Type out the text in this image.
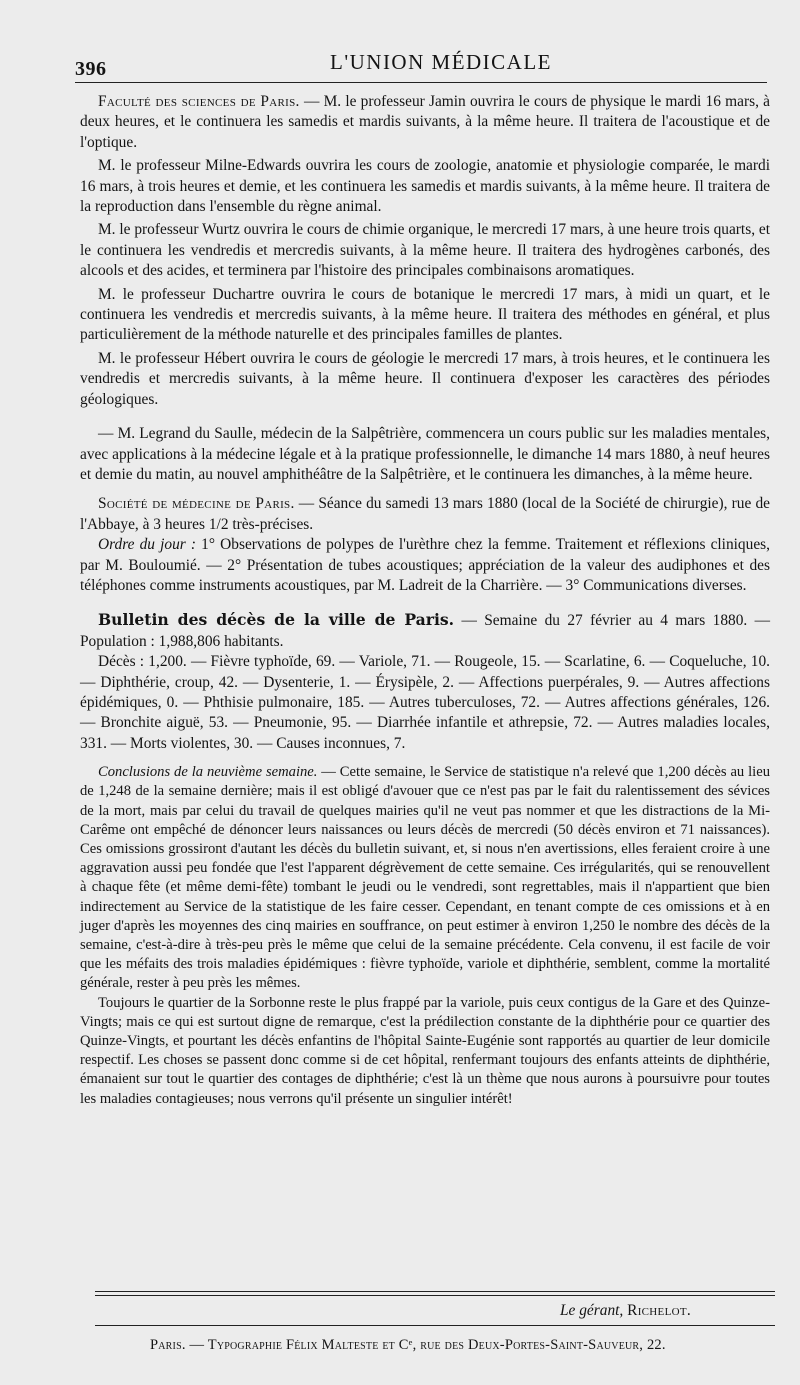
396	L'UNION MÉDICALE

Faculté des sciences de Paris. — M. le professeur Jamin ouvrira le cours de physique le mardi 16 mars, à deux heures, et le continuera les samedis et mardis suivants, à la même heure. Il traitera de l'acoustique et de l'optique.

M. le professeur Milne-Edwards ouvrira les cours de zoologie, anatomie et physiologie comparée, le mardi 16 mars, à trois heures et demie, et les continuera les samedis et mardis suivants, à la même heure. Il traitera de la reproduction dans l'ensemble du règne animal.

M. le professeur Wurtz ouvrira le cours de chimie organique, le mercredi 17 mars, à une heure trois quarts, et le continuera les vendredis et mercredis suivants, à la même heure. Il traitera des hydrogènes carbonés, des alcools et des acides, et terminera par l'histoire des principales combinaisons aromatiques.

M. le professeur Duchartre ouvrira le cours de botanique le mercredi 17 mars, à midi un quart, et le continuera les vendredis et mercredis suivants, à la même heure. Il traitera des méthodes en général, et plus particulièrement de la méthode naturelle et des principales familles de plantes.

M. le professeur Hébert ouvrira le cours de géologie le mercredi 17 mars, à trois heures, et le continuera les vendredis et mercredis suivants, à la même heure. Il continuera d'exposer les caractères des périodes géologiques.

— M. Legrand du Saulle, médecin de la Salpêtrière, commencera un cours public sur les maladies mentales, avec applications à la médecine légale et à la pratique professionnelle, le dimanche 14 mars 1880, à neuf heures et demie du matin, au nouvel amphithéâtre de la Salpêtrière, et le continuera les dimanches, à la même heure.

Société de médecine de Paris. — Séance du samedi 13 mars 1880 (local de la Société de chirurgie), rue de l'Abbaye, à 3 heures 1/2 très-précises.

Ordre du jour : 1° Observations de polypes de l'urèthre chez la femme. Traitement et réflexions cliniques, par M. Bouloumié. — 2° Présentation de tubes acoustiques; appréciation de la valeur des audiphones et des téléphones comme instruments acoustiques, par M. Ladreit de la Charrière. — 3° Communications diverses.

Bulletin des décès de la ville de Paris. — Semaine du 27 février au 4 mars 1880. — Population : 1,988,806 habitants.

Décès : 1,200. — Fièvre typhoïde, 69. — Variole, 71. — Rougeole, 15. — Scarlatine, 6. — Coqueluche, 10. — Diphthérie, croup, 42. — Dysenterie, 1. — Érysipèle, 2. — Affections puerpérales, 9. — Autres affections épidémiques, 0. — Phthisie pulmonaire, 185. — Autres tuberculoses, 72. — Autres affections générales, 126. — Bronchite aiguë, 53. — Pneumonie, 95. — Diarrhée infantile et athrepsie, 72. — Autres maladies locales, 331. — Morts violentes, 30. — Causes inconnues, 7.

Conclusions de la neuvième semaine. — Cette semaine, le Service de statistique n'a relevé que 1,200 décès au lieu de 1,248 de la semaine dernière; mais il est obligé d'avouer que ce n'est pas par le fait du ralentissement des sévices de la mort, mais par celui du travail de quelques mairies qu'il ne veut pas nommer et que les distractions de la Mi-Carême ont empêché de dénoncer leurs naissances ou leurs décès de mercredi (50 décès environ et 71 naissances). Ces omissions grossiront d'autant les décès du bulletin suivant, et, si nous n'en avertissions, elles feraient croire à une aggravation aussi peu fondée que l'est l'apparent dégrèvement de cette semaine. Ces irrégularités, qui se renouvellent à chaque fête (et même demi-fête) tombant le jeudi ou le vendredi, sont regrettables, mais il n'appartient que bien indirectement au Service de la statistique de les faire cesser. Cependant, en tenant compte de ces omissions et à en juger d'après les moyennes des cinq mairies en souffrance, on peut estimer à environ 1,250 le nombre des décès de la semaine, c'est-à-dire à très-peu près le même que celui de la semaine précédente. Cela convenu, il est facile de voir que les méfaits des trois maladies épidémiques : fièvre typhoïde, variole et diphthérie, semblent, comme la mortalité générale, rester à peu près les mêmes.

Toujours le quartier de la Sorbonne reste le plus frappé par la variole, puis ceux contigus de la Gare et des Quinze-Vingts; mais ce qui est surtout digne de remarque, c'est la prédilection constante de la diphthérie pour ce quartier des Quinze-Vingts, et pourtant les décès enfantins de l'hôpital Sainte-Eugénie sont rapportés au quartier de leur domicile respectif. Les choses se passent donc comme si de cet hôpital, renfermant toujours des enfants atteints de diphthérie, émanaient sur tout le quartier des contages de diphthérie; c'est là un thème que nous aurons à poursuivre pour toutes les maladies contagieuses; nous verrons qu'il présente un singulier intérêt!

Le gérant, Richelot.
Paris. — Typographie Félix Malteste et Cᵉ, rue des Deux-Portes-Saint-Sauveur, 22.
